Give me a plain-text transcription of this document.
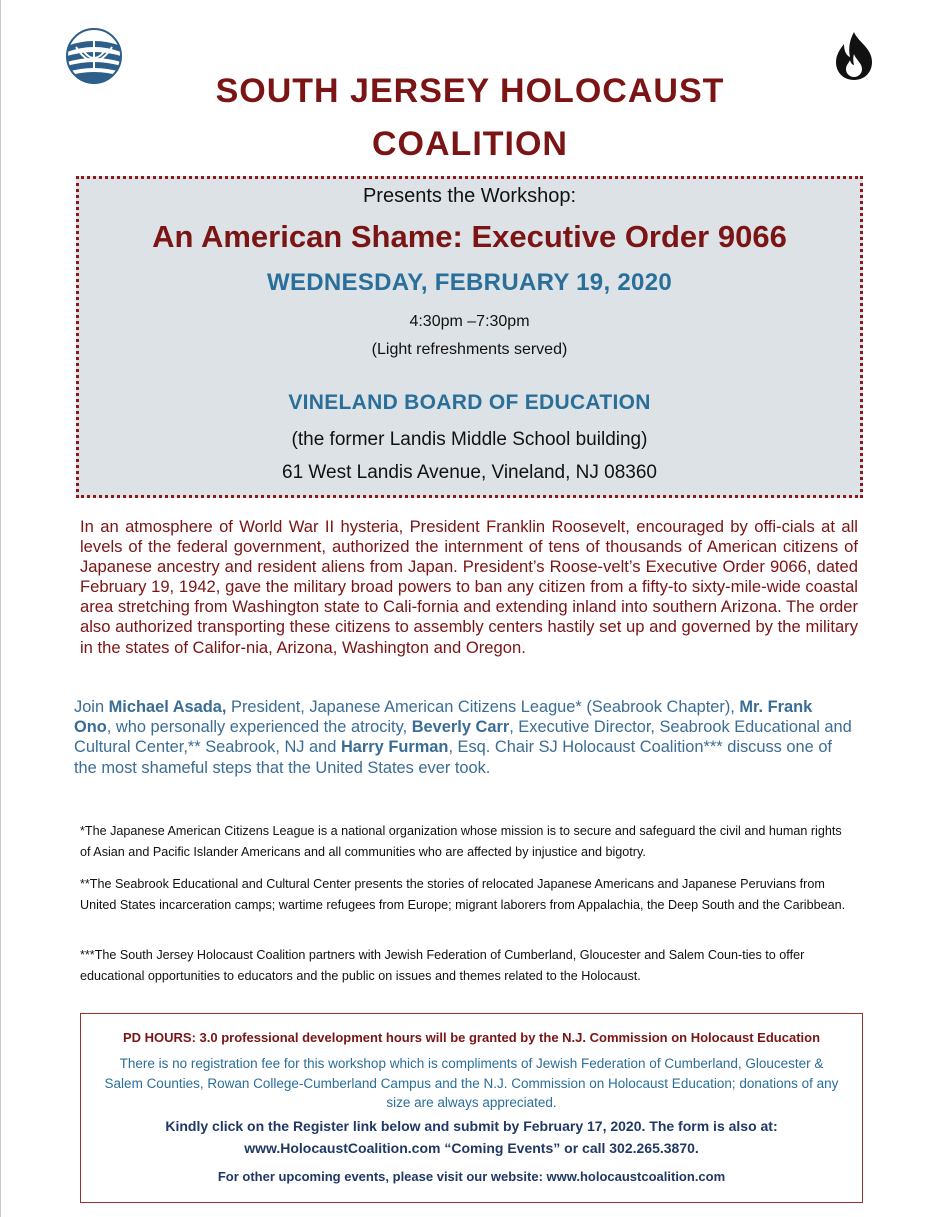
SOUTH JERSEY HOLOCAUST
COALITION

Presents the Workshop:

An American Shame: Executive Order 9066

WEDNESDAY, FEBRUARY 19, 2020

4:30pm –7:30pm

(Light refreshments served)

VINELAND BOARD OF EDUCATION

(the former Landis Middle School building)

61 West Landis Avenue, Vineland, NJ 08360

In an atmosphere of World War II hysteria, President Franklin Roosevelt, encouraged by offi-cials at all levels of the federal government, authorized the internment of tens of thousands of American citizens of Japanese ancestry and resident aliens from Japan. President’s Roose-velt’s Executive Order 9066, dated February 19, 1942, gave the military broad powers to ban any citizen from a fifty-to sixty-mile-wide coastal area stretching from Washington state to Cali-fornia and extending inland into southern Arizona. The order also authorized transporting these citizens to assembly centers hastily set up and governed by the military in the states of Califor-nia, Arizona, Washington and Oregon.

Join Michael Asada, President, Japanese American Citizens League* (Seabrook Chapter), Mr. Frank Ono, who personally experienced the atrocity, Beverly Carr, Executive Director, Seabrook Educational and Cultural Center,** Seabrook, NJ and Harry Furman, Esq. Chair SJ Holocaust Coalition*** discuss one of the most shameful steps that the United States ever took.

*The Japanese American Citizens League is a national organization whose mission is to secure and safeguard the civil and human rights of Asian and Pacific Islander Americans and all communities who are affected by injustice and bigotry.

**The Seabrook Educational and Cultural Center presents the stories of relocated Japanese Americans and Japanese Peruvians from United States incarceration camps; wartime refugees from Europe; migrant laborers from Appalachia, the Deep South and the Caribbean.

***The South Jersey Holocaust Coalition partners with Jewish Federation of Cumberland, Gloucester and Salem Coun-ties to offer educational opportunities to educators and the public on issues and themes related to the Holocaust.

PD HOURS: 3.0 professional development hours will be granted by the N.J. Commission on Holocaust Education

There is no registration fee for this workshop which is compliments of Jewish Federation of Cumberland, Gloucester & Salem Counties, Rowan College-Cumberland Campus and the N.J. Commission on Holocaust Education; donations of any size are always appreciated.

Kindly click on the Register link below and submit by February 17, 2020. The form is also at:
www.HolocaustCoalition.com “Coming Events” or call 302.265.3870.

For other upcoming events, please visit our website: www.holocaustcoalition.com
